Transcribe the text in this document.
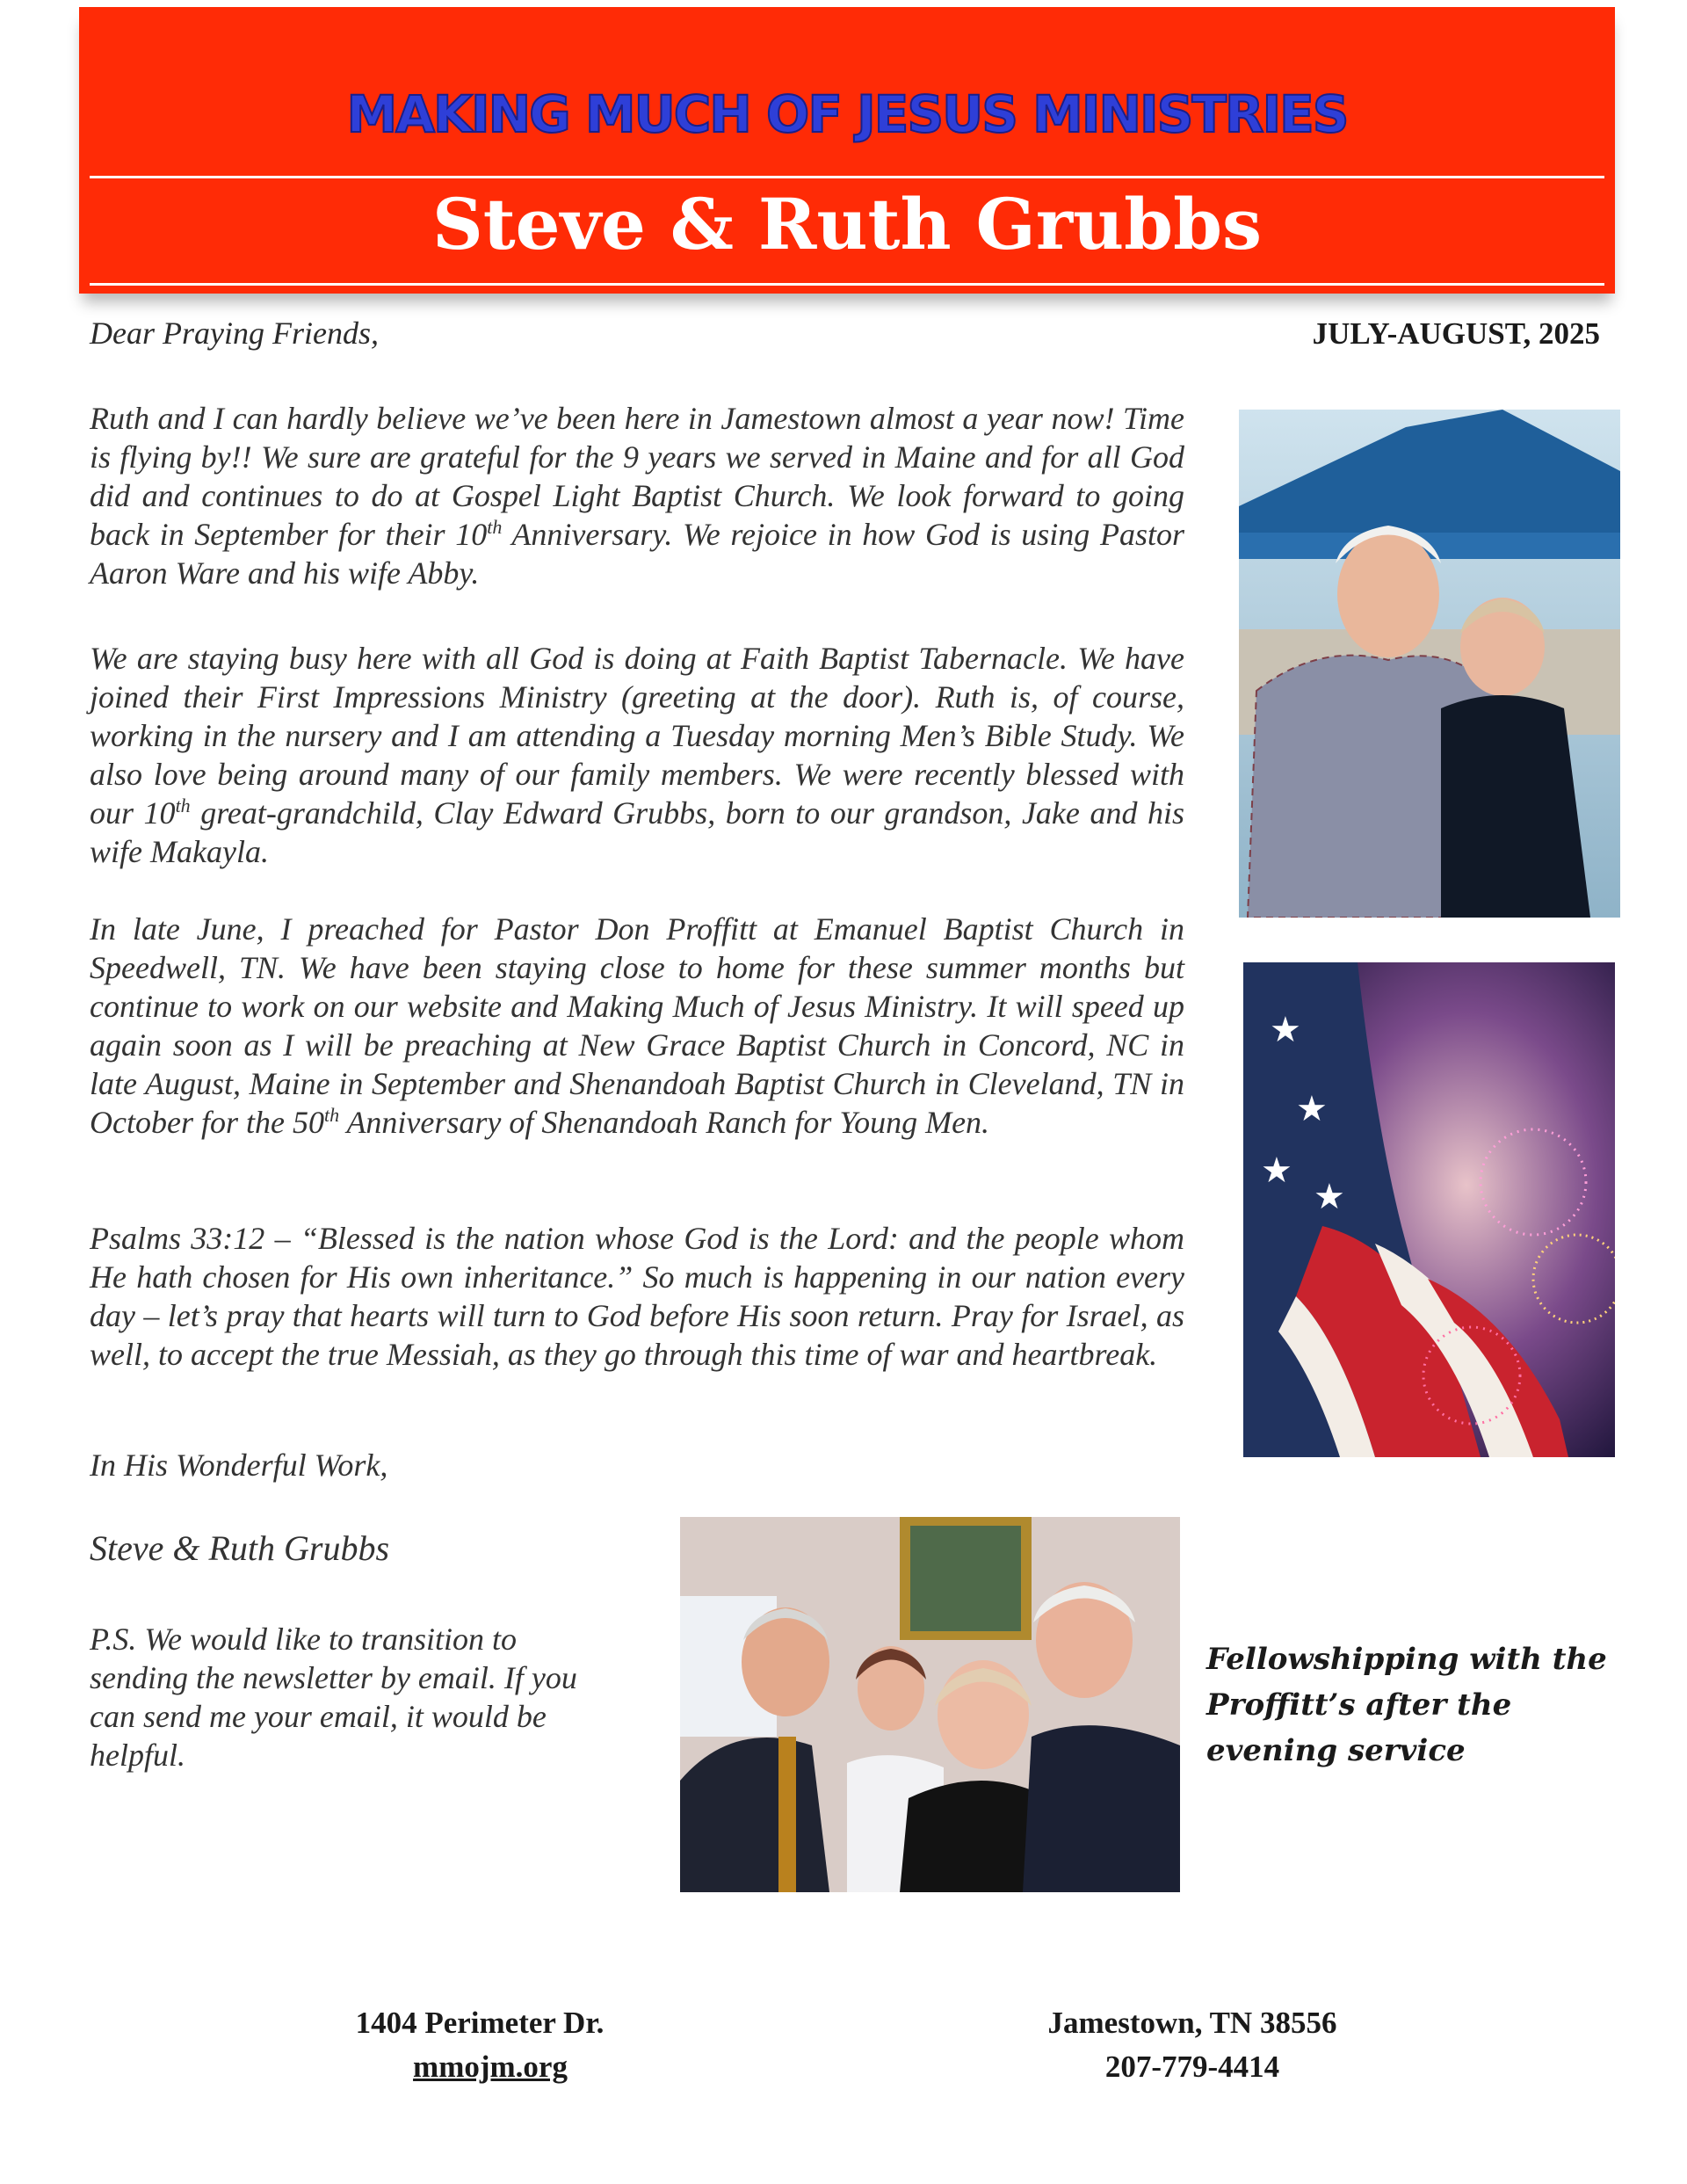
MAKING MUCH OF JESUS MINISTRIES
Steve & Ruth Grubbs
Dear Praying Friends,	JULY-AUGUST, 2025

Ruth and I can hardly believe we’ve been here in Jamestown almost a year now! Time is flying by!! We sure are grateful for the 9 years we served in Maine and for all God did and continues to do at Gospel Light Baptist Church. We look forward to going back in September for their 10th Anniversary. We rejoice in how God is using Pastor Aaron Ware and his wife Abby.

We are staying busy here with all God is doing at Faith Baptist Tabernacle. We have joined their First Impressions Ministry (greeting at the door). Ruth is, of course, working in the nursery and I am attending a Tuesday morning Men’s Bible Study. We also love being around many of our family members. We were recently blessed with our 10th great-grandchild, Clay Edward Grubbs, born to our grandson, Jake and his wife Makayla.

In late June, I preached for Pastor Don Proffitt at Emanuel Baptist Church in Speedwell, TN. We have been staying close to home for these summer months but continue to work on our website and Making Much of Jesus Ministry. It will speed up again soon as I will be preaching at New Grace Baptist Church in Concord, NC in late August, Maine in September and Shenandoah Baptist Church in Cleveland, TN in October for the 50th Anniversary of Shenandoah Ranch for Young Men.

Psalms 33:12 – “Blessed is the nation whose God is the Lord: and the people whom He hath chosen for His own inheritance.” So much is happening in our nation every day – let’s pray that hearts will turn to God before His soon return. Pray for Israel, as well, to accept the true Messiah, as they go through this time of war and heartbreak.

In His Wonderful Work,
Steve & Ruth Grubbs

P.S. We would like to transition to sending the newsletter by email. If you can send me your email, it would be helpful.

★
★
★
★
Fellowshipping with the Proffitt’s after the evening service
1404 Perimeter Dr.
mmojm.org
Jamestown, TN 38556
207-779-4414
